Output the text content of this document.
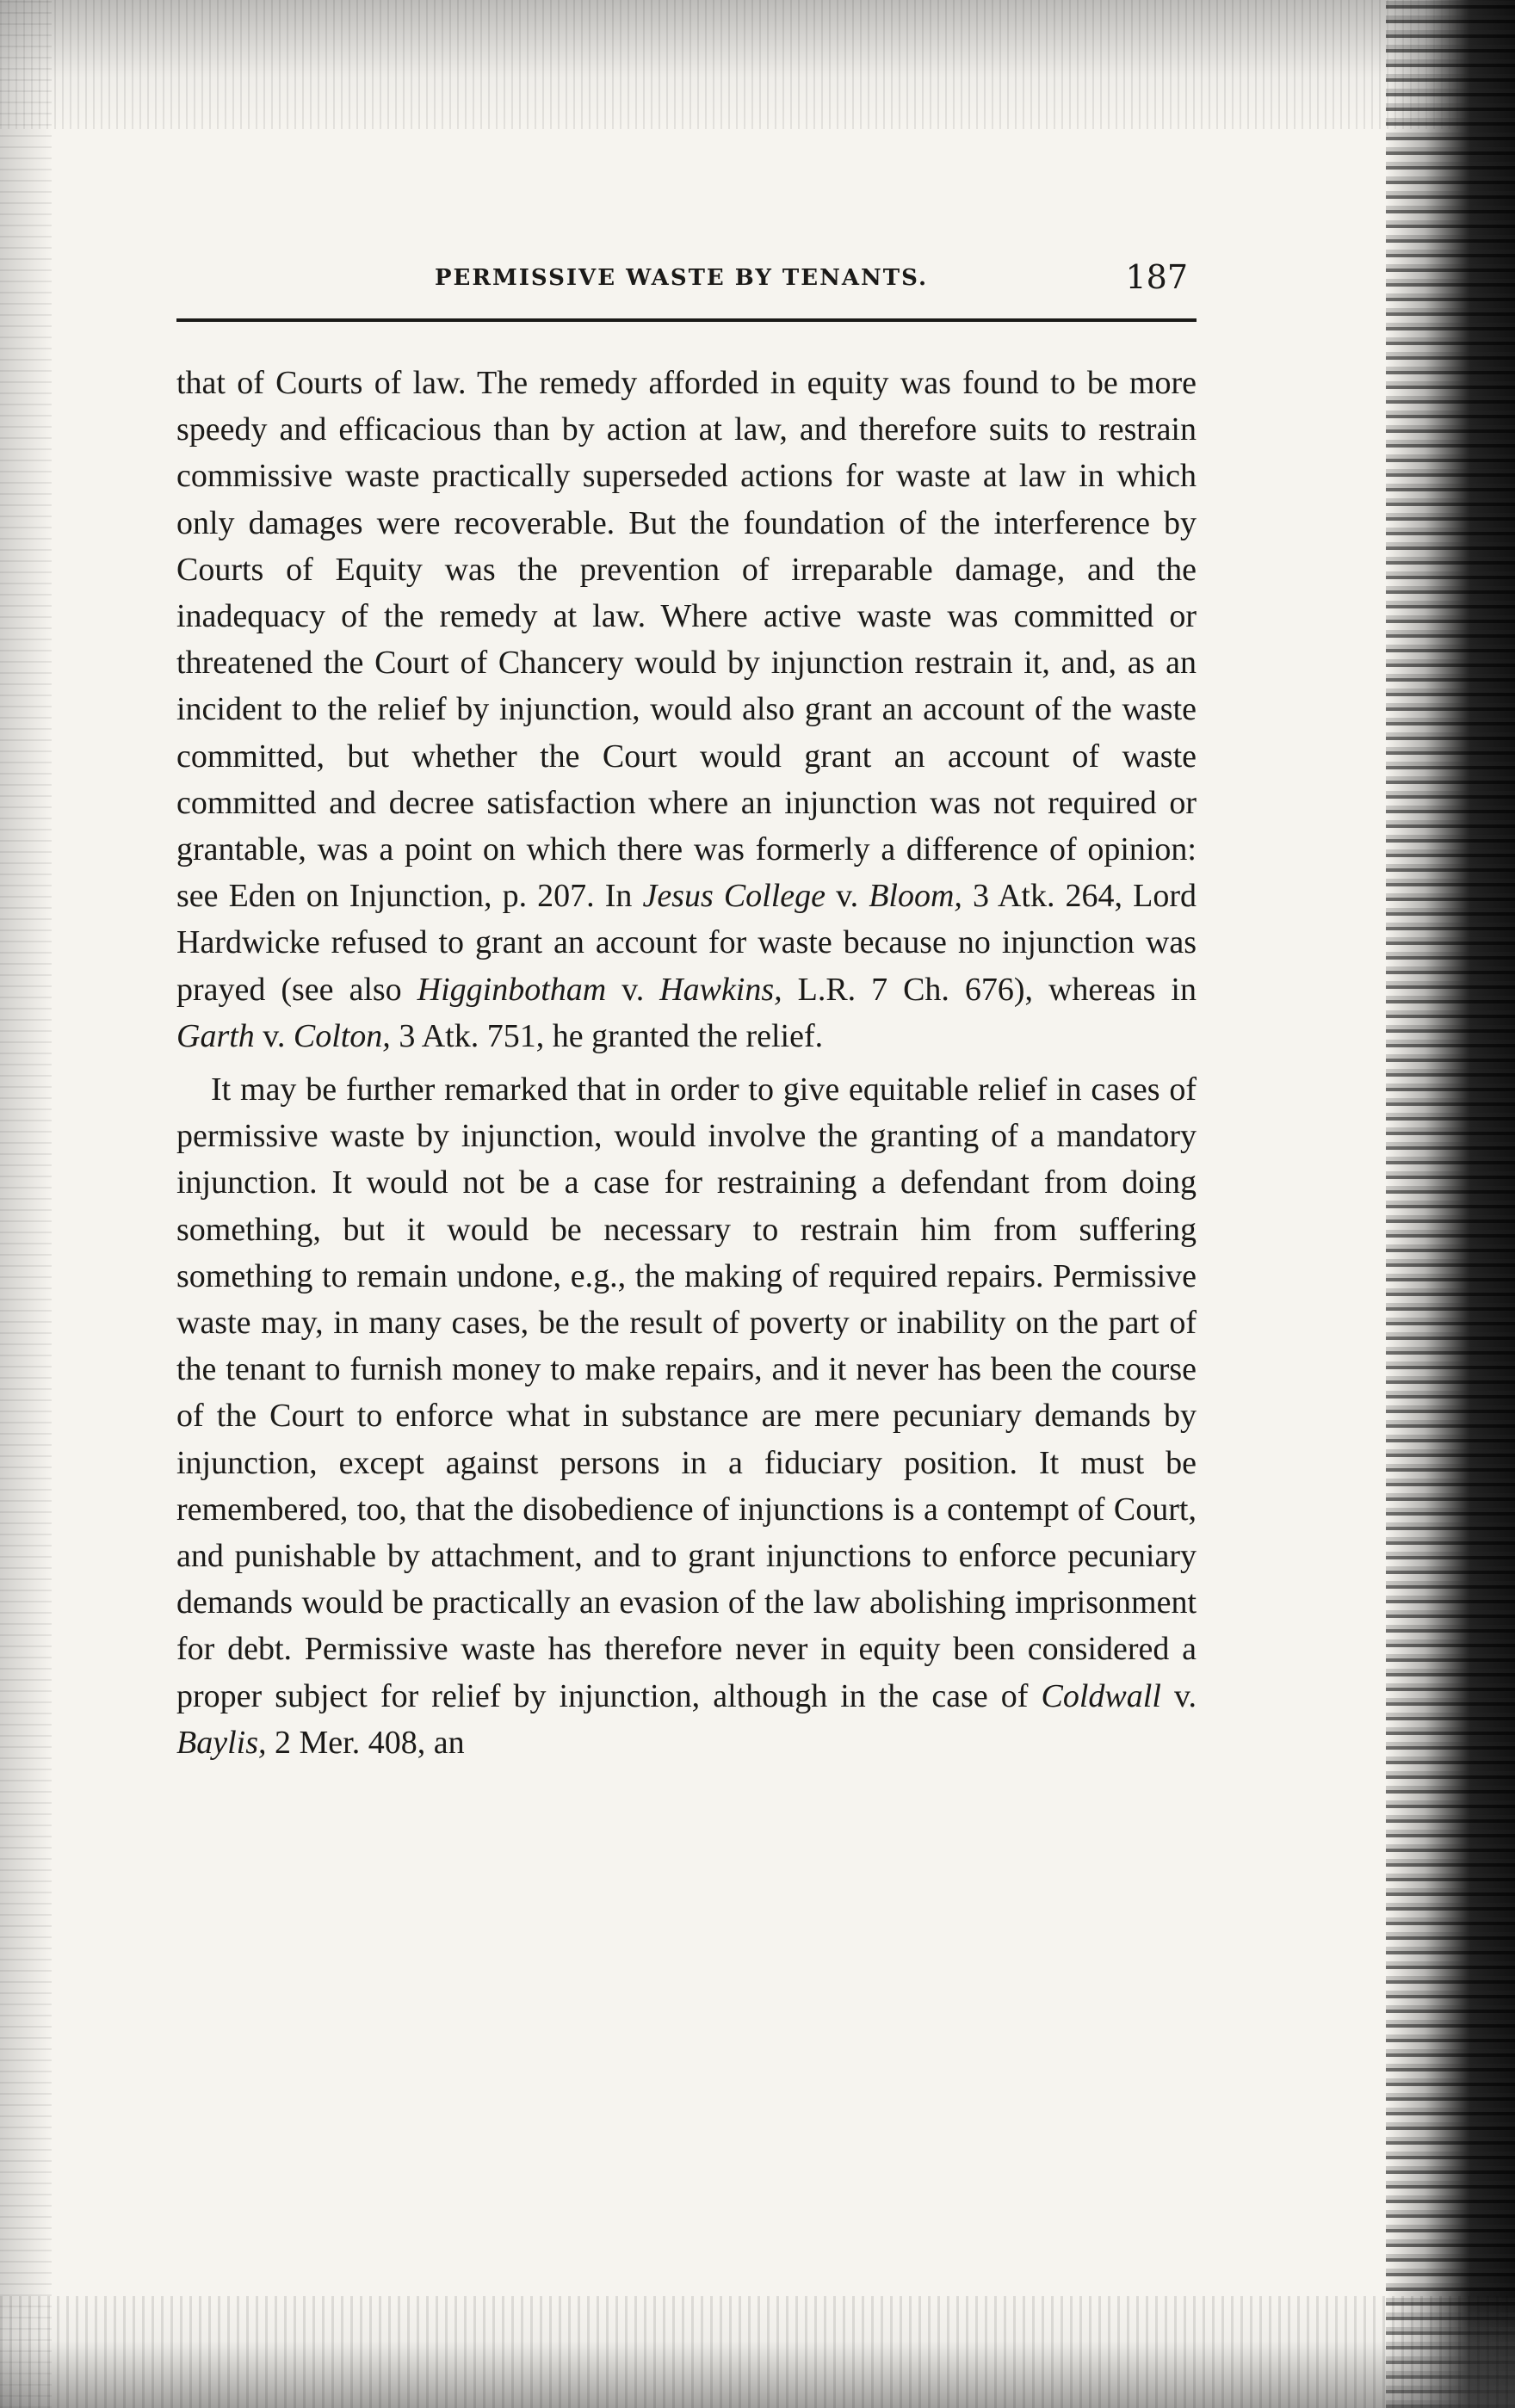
PERMISSIVE WASTE BY TENANTS.	187

that of Courts of law. The remedy afforded in equity was found to be more speedy and efficacious than by action at law, and therefore suits to restrain commissive waste practically superseded actions for waste at law in which only damages were recoverable. But the foundation of the interference by Courts of Equity was the prevention of irreparable damage, and the inadequacy of the remedy at law. Where active waste was committed or threatened the Court of Chancery would by injunction restrain it, and, as an incident to the relief by injunction, would also grant an account of the waste committed, but whether the Court would grant an account of waste committed and decree satisfaction where an injunction was not required or grantable, was a point on which there was formerly a difference of opinion: see Eden on Injunction, p. 207. In Jesus College v. Bloom, 3 Atk. 264, Lord Hardwicke refused to grant an account for waste because no injunction was prayed (see also Higginbotham v. Hawkins, L.R. 7 Ch. 676), whereas in Garth v. Colton, 3 Atk. 751, he granted the relief.

It may be further remarked that in order to give equitable relief in cases of permissive waste by injunction, would involve the granting of a mandatory injunction. It would not be a case for restraining a defendant from doing something, but it would be necessary to restrain him from suffering something to remain undone, e.g., the making of required repairs. Permissive waste may, in many cases, be the result of poverty or inability on the part of the tenant to furnish money to make repairs, and it never has been the course of the Court to enforce what in substance are mere pecuniary demands by injunction, except against persons in a fiduciary position. It must be remembered, too, that the disobedience of injunctions is a contempt of Court, and punishable by attachment, and to grant injunctions to enforce pecuniary demands would be practically an evasion of the law abolishing imprisonment for debt. Permissive waste has therefore never in equity been considered a proper subject for relief by injunction, although in the case of Coldwall v. Baylis, 2 Mer. 408, an
